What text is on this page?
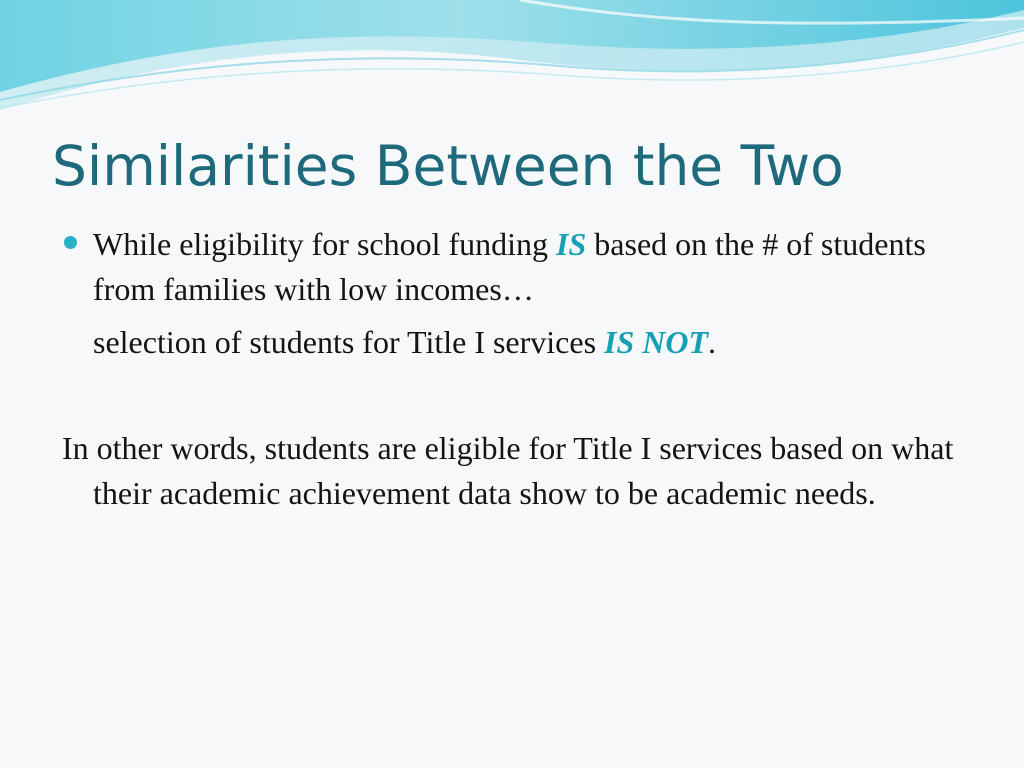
Similarities Between the Two

While eligibility for school funding IS based on the # of students from families with low incomes…

selection of students for Title I services IS NOT.

In other words, students are eligible for Title I services based on what their academic achievement data show to be academic needs.
